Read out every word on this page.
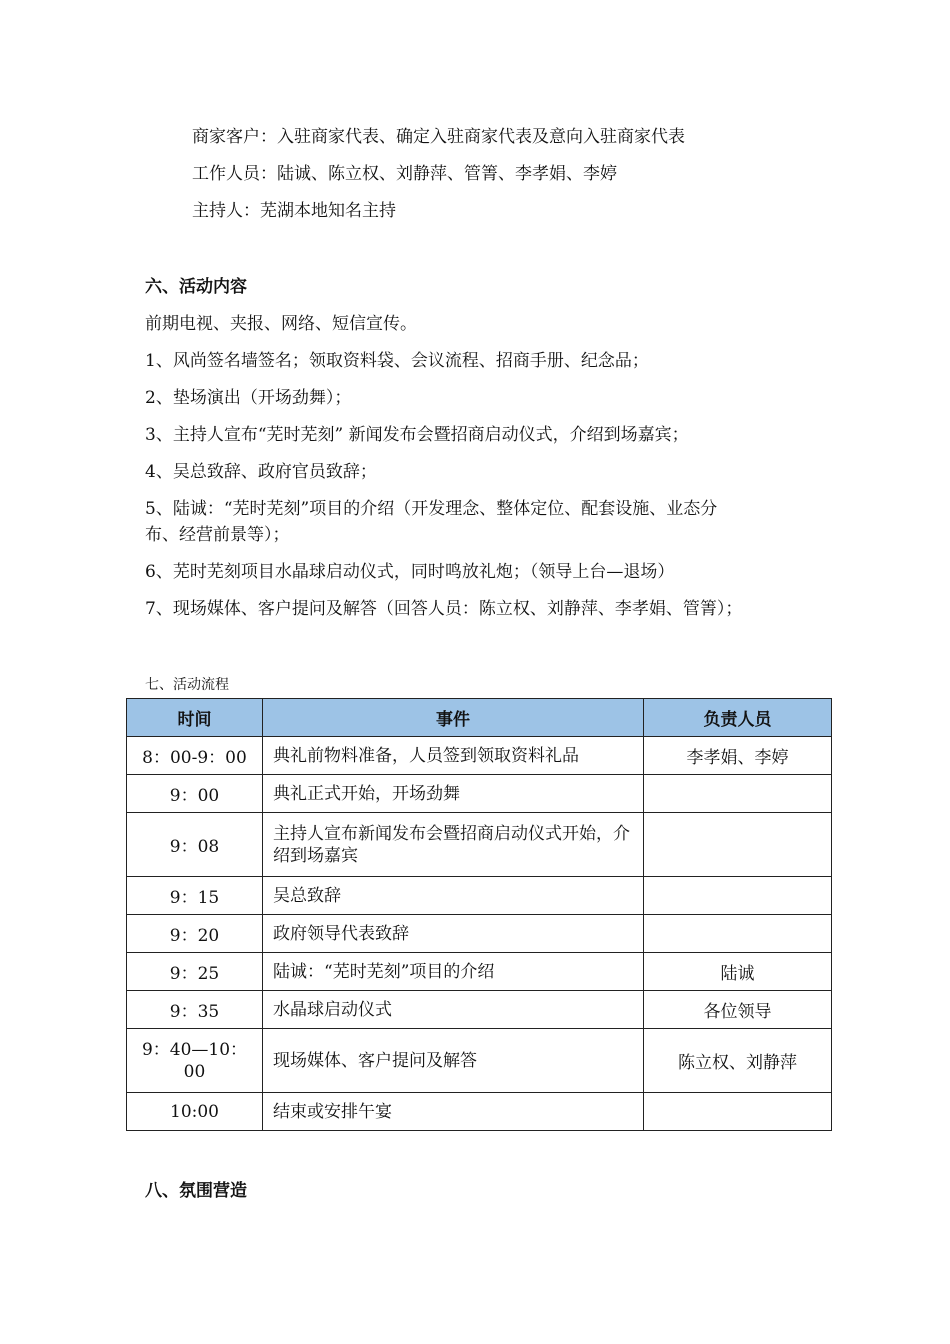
商家客户：入驻商家代表、确定入驻商家代表及意向入驻商家代表
工作人员：陆诚、陈立权、刘静萍、管箐、李孝娟、李婷
主持人：芜湖本地知名主持
六、活动内容
前期电视、夹报、网络、短信宣传。
1、风尚签名墙签名；领取资料袋、会议流程、招商手册、纪念品；
2、垫场演出（开场劲舞）；
3、主持人宣布“芜时芜刻” 新闻发布会暨招商启动仪式，介绍到场嘉宾；
4、吴总致辞、政府官员致辞；
5、陆诚：“芜时芜刻”项目的介绍（开发理念、整体定位、配套设施、业态分
布、经营前景等）；
6、芜时芜刻项目水晶球启动仪式，同时鸣放礼炮；（领导上台—退场）
7、现场媒体、客户提问及解答（回答人员：陈立权、刘静萍、李孝娟、管箐）；
七、活动流程
时间	事件	负责人员
8：00-9：00	典礼前物料准备，人员签到领取资料礼品	李孝娟、李婷
9：00	典礼正式开始，开场劲舞	
9：08	主持人宣布新闻发布会暨招商启动仪式开始，介绍到场嘉宾	
9：15	吴总致辞	
9：20	政府领导代表致辞	
9：25	陆诚：“芜时芜刻”项目的介绍	陆诚
9：35	水晶球启动仪式	各位领导
9：40—10：00	现场媒体、客户提问及解答	陈立权、刘静萍
10:00	结束或安排午宴	
八、氛围营造
